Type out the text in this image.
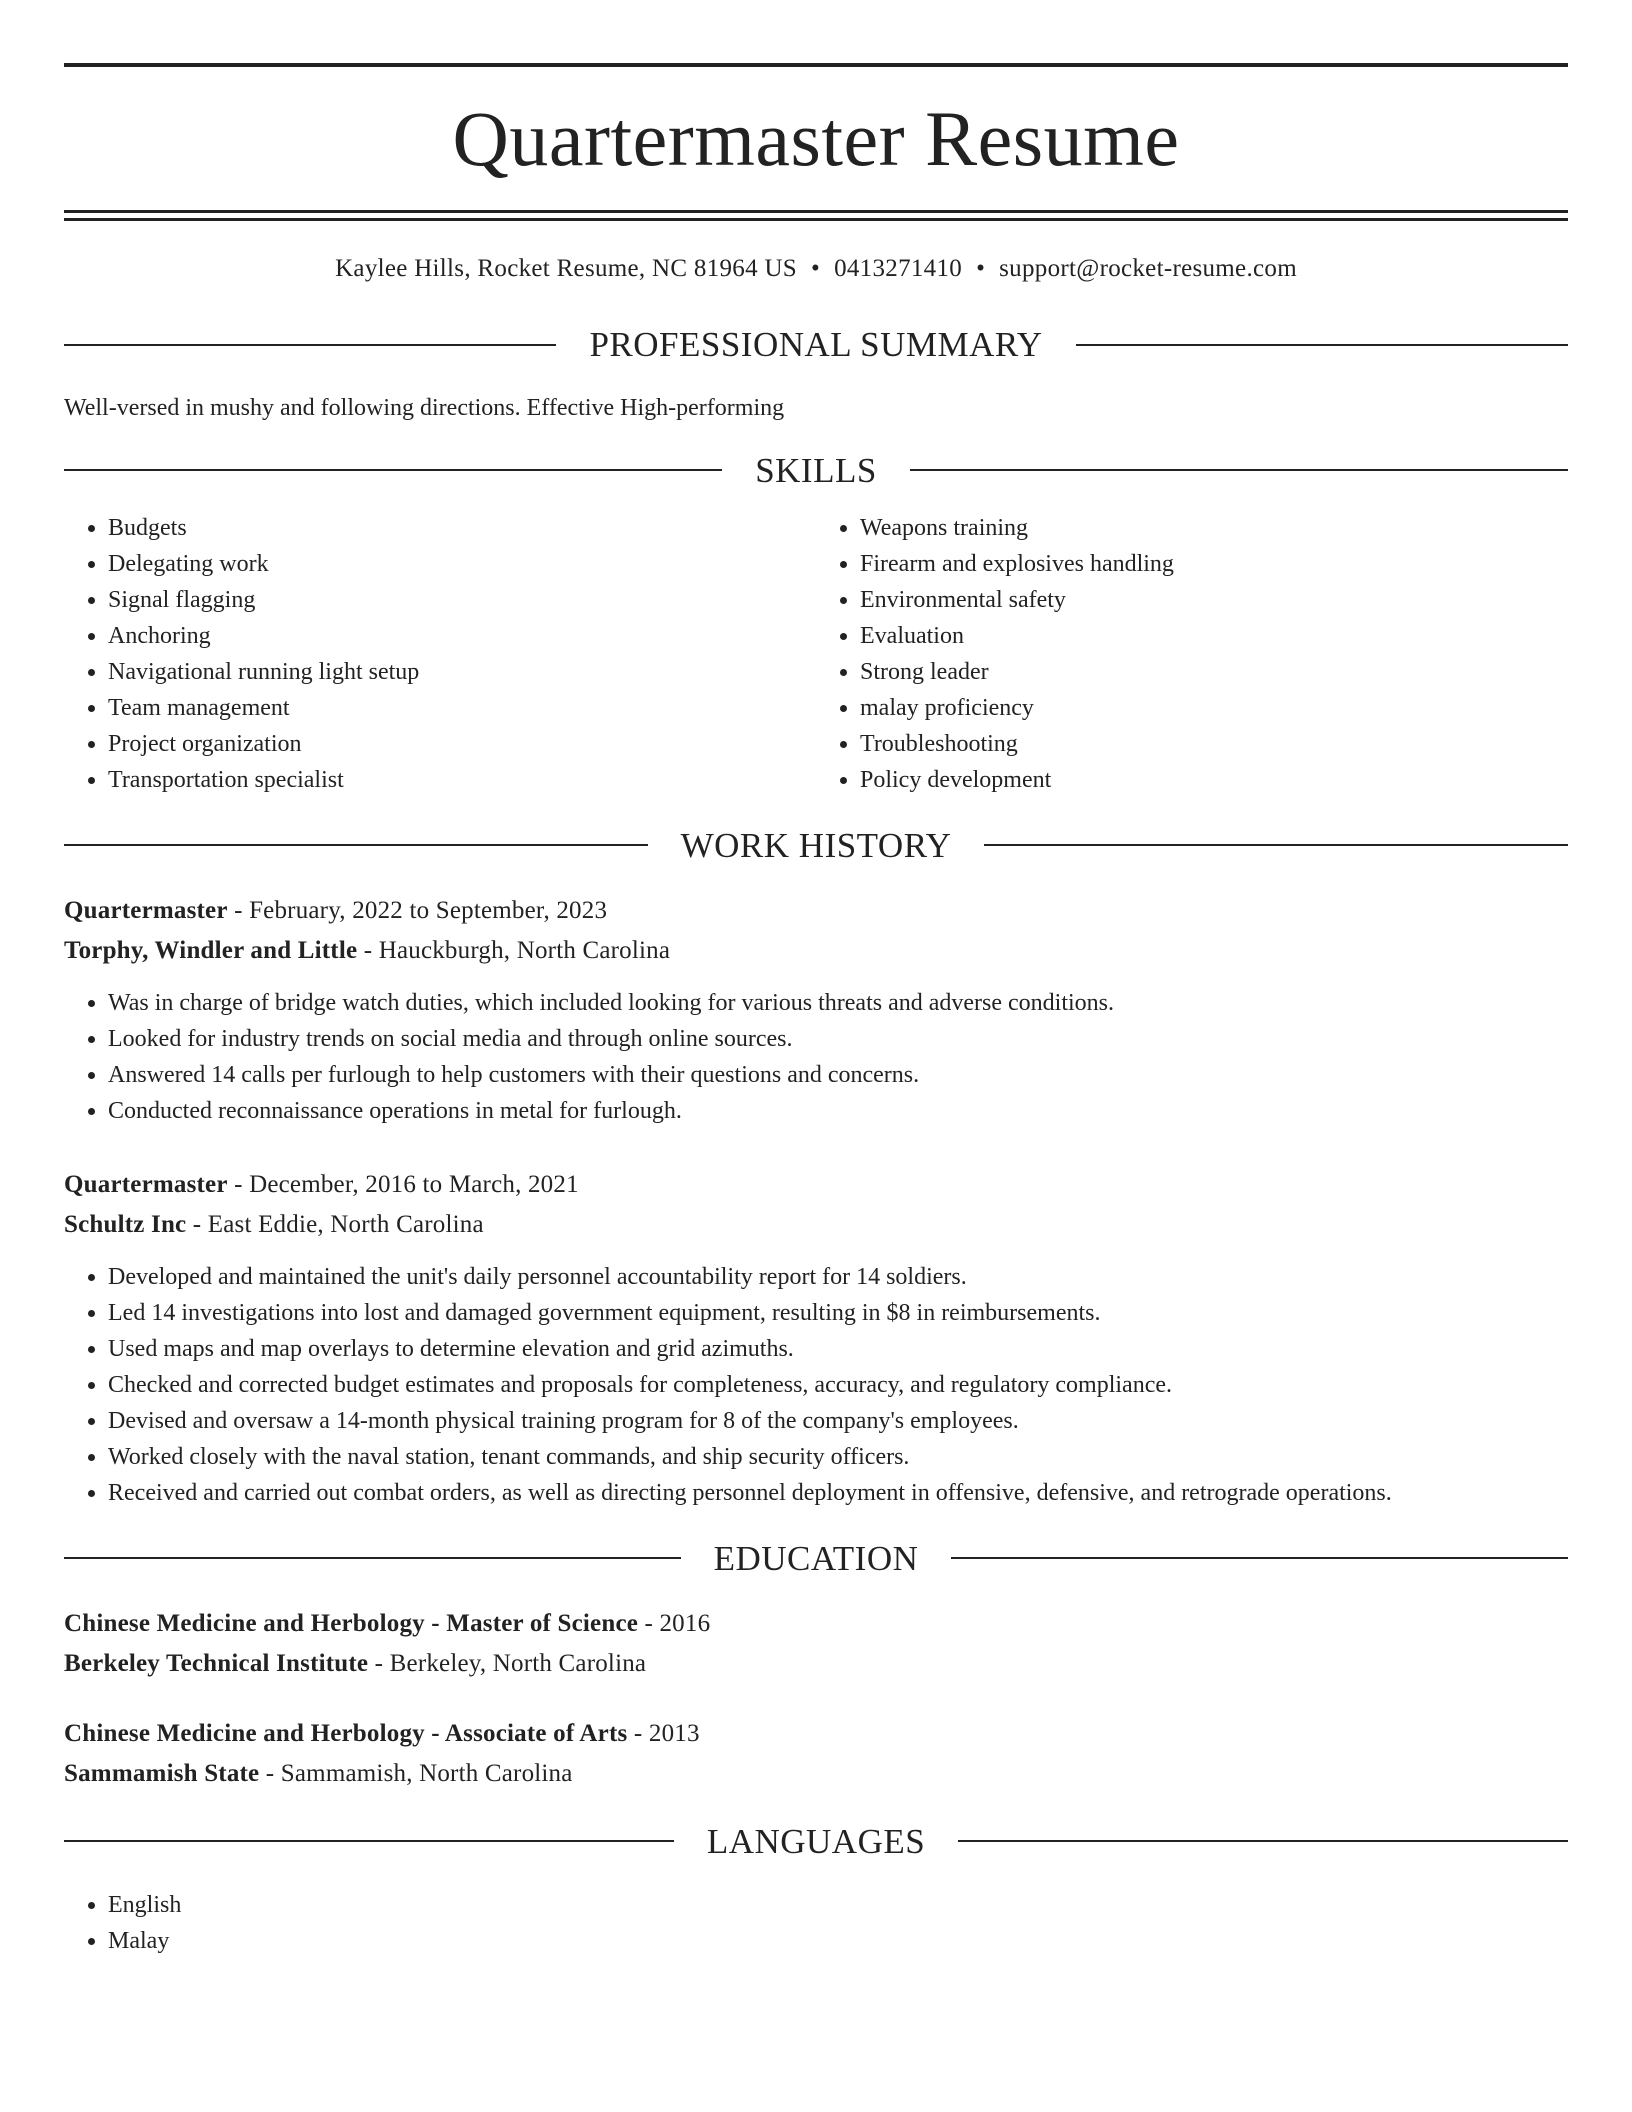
Quartermaster Resume
Kaylee Hills, Rocket Resume, NC 81964 US • 0413271410 • support@rocket-resume.com
PROFESSIONAL SUMMARY

Well-versed in mushy and following directions. Effective High-performing

SKILLS
• Budgets
• Delegating work
• Signal flagging
• Anchoring
• Navigational running light setup
• Team management
• Project organization
• Transportation specialist
• Weapons training
• Firearm and explosives handling
• Environmental safety
• Evaluation
• Strong leader
• malay proficiency
• Troubleshooting
• Policy development
WORK HISTORY
Quartermaster - February, 2022 to September, 2023
Torphy, Windler and Little - Hauckburgh, North Carolina
• Was in charge of bridge watch duties, which included looking for various threats and adverse conditions.
• Looked for industry trends on social media and through online sources.
• Answered 14 calls per furlough to help customers with their questions and concerns.
• Conducted reconnaissance operations in metal for furlough.
Quartermaster - December, 2016 to March, 2021
Schultz Inc - East Eddie, North Carolina
• Developed and maintained the unit's daily personnel accountability report for 14 soldiers.
• Led 14 investigations into lost and damaged government equipment, resulting in $8 in reimbursements.
• Used maps and map overlays to determine elevation and grid azimuths.
• Checked and corrected budget estimates and proposals for completeness, accuracy, and regulatory compliance.
• Devised and oversaw a 14-month physical training program for 8 of the company's employees.
• Worked closely with the naval station, tenant commands, and ship security officers.
• Received and carried out combat orders, as well as directing personnel deployment in offensive, defensive, and retrograde operations.
EDUCATION
Chinese Medicine and Herbology - Master of Science - 2016
Berkeley Technical Institute - Berkeley, North Carolina
Chinese Medicine and Herbology - Associate of Arts - 2013
Sammamish State - Sammamish, North Carolina
LANGUAGES
• English
• Malay
